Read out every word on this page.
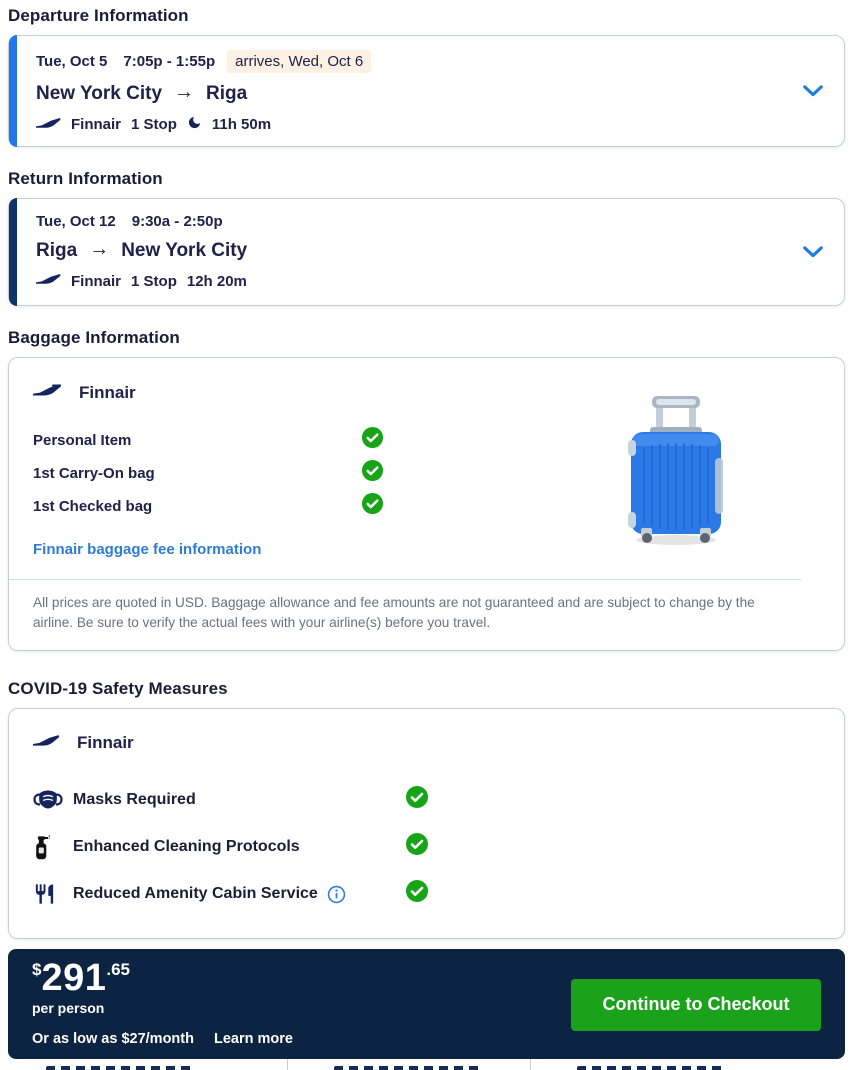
Departure Information
Tue, Oct 5 7:05p - 1:55p	arrives, Wed, Oct 6
New York City → Riga
Finnair 1 Stop 11h 50m
Return Information
Tue, Oct 12 9:30a - 2:50p
Riga → New York City
Finnair 1 Stop 12h 20m
Baggage Information
Finnair
Personal Item
1st Carry-On bag
1st Checked bag
Finnair baggage fee information
All prices are quoted in USD. Baggage allowance and fee amounts are not guaranteed and are subject to change by the airline. Be sure to verify the actual fees with your airline(s) before you travel.
COVID-19 Safety Measures
Finnair
Masks Required
Enhanced Cleaning Protocols
Reduced Amenity Cabin Service
$291.65
per person
Or as low as $27/month Learn more
Continue to Checkout
